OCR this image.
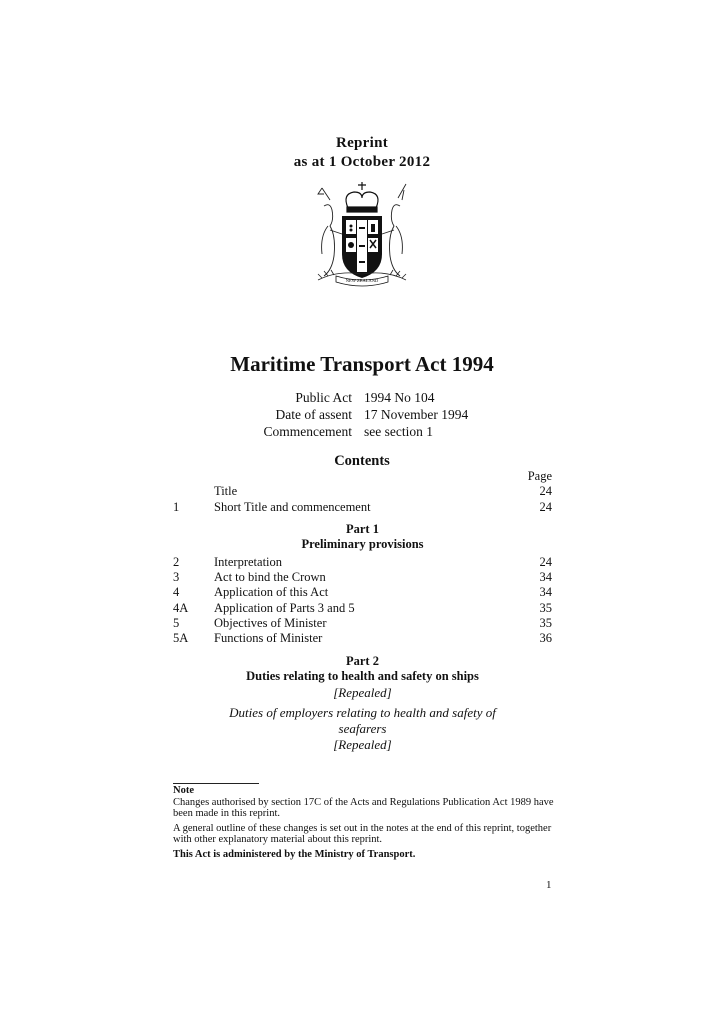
Reprint
as at 1 October 2012
NEW ZEALAND
Maritime Transport Act 1994
Public Act 1994 No 104
Date of assent 17 November 1994
Commencement see section 1
Contents
Page
Title	24
1	Short Title and commencement	24
Part 1
Preliminary provisions
2	Interpretation	24
3	Act to bind the Crown	34
4	Application of this Act	34
4A	Application of Parts 3 and 5	35
5	Objectives of Minister	35
5A	Functions of Minister	36
Part 2
Duties relating to health and safety on ships
[Repealed]
Duties of employers relating to health and safety of
seafarers
[Repealed]

Note

Changes authorised by section 17C of the Acts and Regulations Publication Act 1989 have been made in this reprint.

A general outline of these changes is set out in the notes at the end of this reprint, together with other explanatory material about this reprint.

This Act is administered by the Ministry of Transport.

1
